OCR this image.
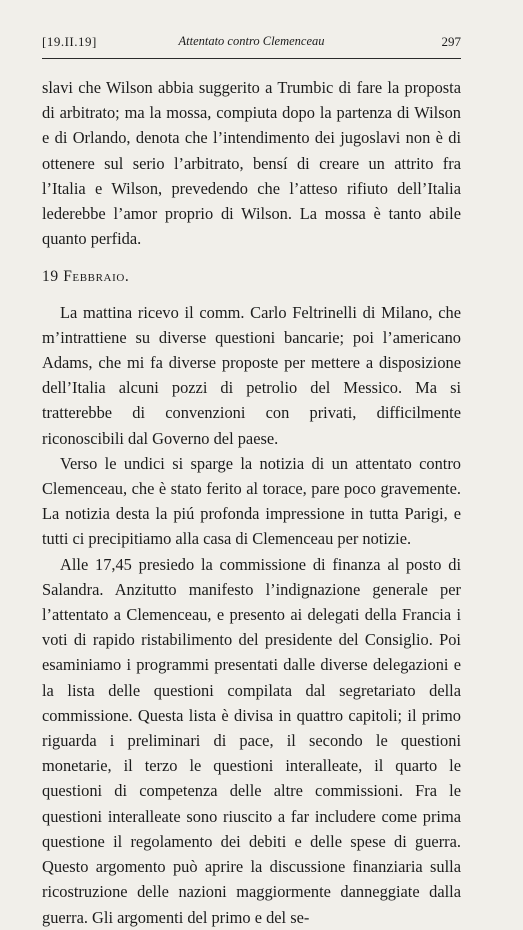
[19.II.19]	Attentato contro Clemenceau	297

slavi che Wilson abbia suggerito a Trumbic di fare la proposta di arbitrato; ma la mossa, compiuta dopo la partenza di Wilson e di Orlando, denota che l’intendimento dei jugoslavi non è di ottenere sul serio l’arbitrato, bensí di creare un attrito fra l’Italia e Wilson, prevedendo che l’atteso rifiuto dell’Italia lederebbe l’amor proprio di Wilson. La mossa è tanto abile quanto perfida.

19 Febbraio.

La mattina ricevo il comm. Carlo Feltrinelli di Milano, che m’intrattiene su diverse questioni bancarie; poi l’americano Adams, che mi fa diverse proposte per mettere a disposizione dell’Italia alcuni pozzi di petrolio del Messico. Ma si tratterebbe di convenzioni con privati, difficilmente riconoscibili dal Governo del paese.

Verso le undici si sparge la notizia di un attentato contro Clemenceau, che è stato ferito al torace, pare poco gravemente. La notizia desta la piú profonda impressione in tutta Parigi, e tutti ci precipitiamo alla casa di Clemenceau per notizie.

Alle 17,45 presiedo la commissione di finanza al posto di Salandra. Anzitutto manifesto l’indignazione generale per l’attentato a Clemenceau, e presento ai delegati della Francia i voti di rapido ristabilimento del presidente del Consiglio. Poi esaminiamo i programmi presentati dalle diverse delegazioni e la lista delle questioni compilata dal segretariato della commissione. Questa lista è divisa in quattro capitoli; il primo riguarda i preliminari di pace, il secondo le questioni monetarie, il terzo le questioni interalleate, il quarto le questioni di competenza delle altre commissioni. Fra le questioni interalleate sono riuscito a far includere come prima questione il regolamento dei debiti e delle spese di guerra. Questo argomento può aprire la discussione finanziaria sulla ricostruzione delle nazioni maggiormente danneggiate dalla guerra. Gli argomenti del primo e del se-
